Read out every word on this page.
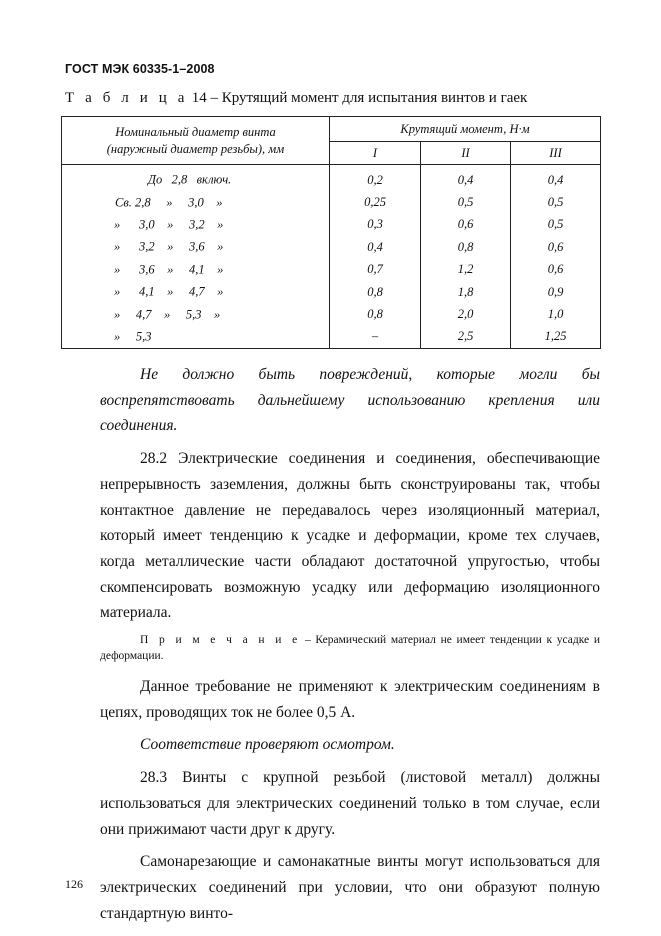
ГОСТ МЭК 60335-1–2008
Т а б л и ц а 14 – Крутящий момент для испытания винтов и гаек
Номинальный диаметр винта
(наружный диаметр резьбы), мм	Крутящий момент, Н·м		
	I	II	III

До   2,8   включ.	0,2	0,4	0,4

Св. 2,8     »     3,0    »	0,25	0,5	0,5

»      3,0    »     3,2    »	0,3	0,6	0,5

»      3,2    »     3,6    »	0,4	0,8	0,6

»      3,6    »     4,1    »	0,7	1,2	0,6

»      4,1    »     4,7    »	0,8	1,8	0,9

»     4,7    »     5,3    »	0,8	2,0	1,0

»     5,3	–	2,5	1,25

Не должно быть повреждений, которые могли бы воспрепятствовать дальнейшему использованию крепления или соединения.

28.2 Электрические соединения и соединения, обеспечивающие непрерывность заземления, должны быть сконструированы так, чтобы контактное давление не передавалось через изоляционный материал, который имеет тенденцию к усадке и деформации, кроме тех случаев, когда металлические части обладают достаточной упругостью, чтобы скомпенсировать возможную усадку или деформацию изоляционного материала.

П р и м е ч а н и е – Керамический материал не имеет тенденции к усадке и деформации.

Данное требование не применяют к электрическим соединениям в цепях, проводящих ток не более 0,5 А.

Соответствие проверяют осмотром.

28.3 Винты с крупной резьбой (листовой металл) должны использоваться для электрических соединений только в том случае, если они прижимают части друг к другу.

Самонарезающие и самонакатные винты могут использоваться для электрических соединений при условии, что они образуют полную стандартную винто-

126
